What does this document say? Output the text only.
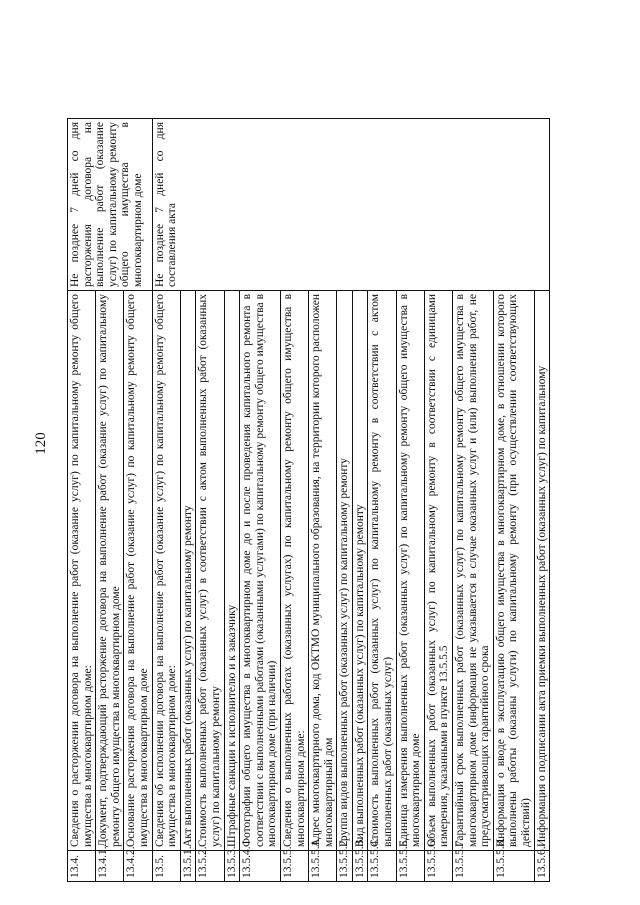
120
13.4.	Сведения о расторжении договора на выполнение работ (оказание услуг) по капитальному ремонту общего имущества в многоквартирном доме:	Не позднее 7 дней со дня расторжения договора на выполнение работ (оказание услуг) по капитальному ремонту общего имущества в многоквартирном доме
13.4.1.	Документ, подтверждающий расторжение договора на выполнение работ (оказание услуг) по капитальному ремонту общего имущества в многоквартирном доме	
13.4.2.	Основание расторжения договора на выполнение работ (оказание услуг) по капитальному ремонту общего имущества в многоквартирном доме	
13.5.	Сведения об исполнении договора на выполнение работ (оказание услуг) по капитальному ремонту общего имущества в многоквартирном доме:	Не позднее 7 дней со дня составления акта
13.5.1.	Акт выполненных работ (оказанных услуг) по капитальному ремонту	
13.5.2.	Стоимость выполненных работ (оказанных услуг) в соответствии с актом выполненных работ (оказанных услуг) по капитальному ремонту	
13.5.3.	Штрафные санкции к исполнителю и к заказчику	
13.5.4.	Фотографии общего имущества в многоквартирном доме до и после проведения капитального ремонта в соответствии с выполненными работами (оказанными услугами) по капитальному ремонту общего имущества в многоквартирном доме (при наличии)	
13.5.5.	Сведения о выполненных работах (оказанных услугах) по капитальному ремонту общего имущества в многоквартирном доме:	
13.5.5.1.	Адрес многоквартирного дома, код ОКТМО муниципального образования, на территории которого расположен многоквартирный дом	
13.5.5.2.	Группа видов выполненных работ (оказанных услуг) по капитальному ремонту	
13.5.5.3.	Вид выполненных работ (оказанных услуг) по капитальному ремонту	
13.5.5.4.	Стоимость выполненных работ (оказанных услуг) по капитальному ремонту в соответствии с актом выполненных работ (оказанных услуг)	
13.5.5.5.	Единица измерения выполненных работ (оказанных услуг) по капитальному ремонту общего имущества в многоквартирном доме	
13.5.5.6.	Объем выполненных работ (оказанных услуг) по капитальному ремонту в соответствии с единицами измерения, указанными в пункте 13.5.5.5	
13.5.5.7.	Гарантийный срок выполненных работ (оказанных услуг) по капитальному ремонту общего имущества в многоквартирном доме (информация не указывается в случае оказанных услуг и (или) выполнения работ, не предусматривающих гарантийного срока	
13.5.5.8.	Информация о вводе в эксплуатацию общего имущества в многоквартирном доме, в отношении которого выполнены работы (оказаны услуги) по капитальному ремонту (при осуществлении соответствующих действий)	
13.5.6.	Информация о подписании акта приемки выполненных работ (оказанных услуг) по капитальному	
